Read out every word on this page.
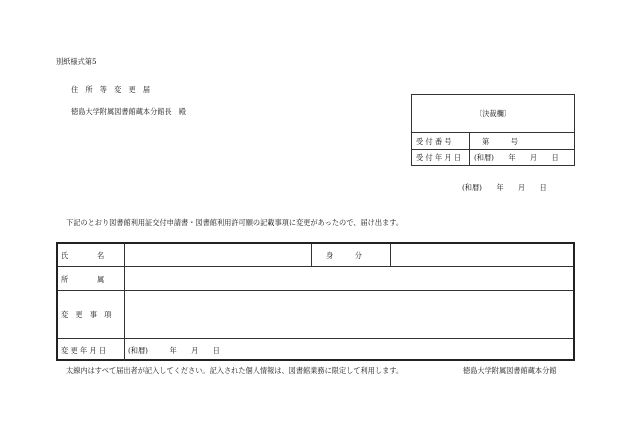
別紙様式第5
住　所　等　変　更　届
徳島大学附属図書館蔵本分館長　殿	〔決裁欄〕
受 付 番 号	第　　　号
受 付 年 月 日 (和暦)　　年　　月　　日
(和暦)　　年　　月　　日
下記のとおり図書館利用証交付申請書・図書館利用許可願の記載事項に変更があったので、届け出ます。
氏　　　　名	身　　　分
所　　　　属
変　更　事　項
変 更 年 月 日	(和暦)　　　年　　月　　日
太線内はすべて届出者が記入してください。記入された個人情報は、図書館業務に限定して利用します。	徳島大学附属図書館蔵本分館
